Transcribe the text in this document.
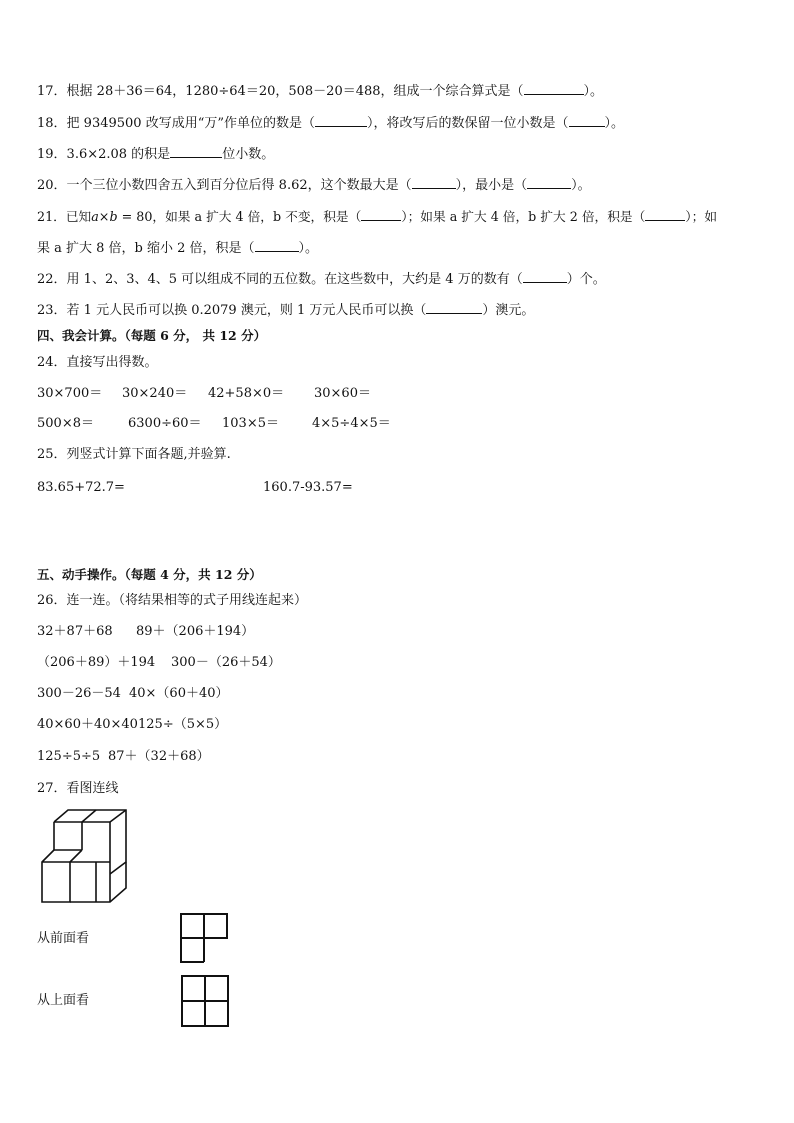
17．根据 28＋36＝64，1280÷64＝20，508－20＝488，组成一个综合算式是（	）。
18．把 9349500 改写成用“万”作单位的数是（	），将改写后的数保留一位小数是（	）。
19．3.6×2.08 的积是	位小数。
20．一个三位小数四舍五入到百分位后得 8.62，这个数最大是（	），最小是（	）。
21．已知a×b = 80，如果 a 扩大 4 倍，b 不变，积是（	）；如果 a 扩大 4 倍，b 扩大 2 倍，积是（	）；如
果 a 扩大 8 倍，b 缩小 2 倍，积是（	）。
22．用 1、2、3、4、5 可以组成不同的五位数。在这些数中，大约是 4 万的数有（	）个。
23．若 1 元人民币可以换 0.2079 澳元，则 1 万元人民币可以换（	）澳元。
四、我会计算。（每题 6 分， 共 12 分）
24．直接写出得数。
30×700＝ 30×240＝ 42+58×0＝ 30×60＝
500×8＝	6300÷60＝ 103×5＝	4×5÷4×5＝
25．列竖式计算下面各题,并验算.
83.65+72.7=	160.7-93.57=
五、动手操作。（每题 4 分，共 12 分）
26．连一连。（将结果相等的式子用线连起来）
32＋87＋68 89＋（206＋194）
（206＋89）＋194 300－（26＋54）
300－26－54 40×（60＋40）
40×60＋40×40 125÷（5×5）
125÷5÷5 87＋（32＋68）
27．看图连线
从前面看
从上面看
